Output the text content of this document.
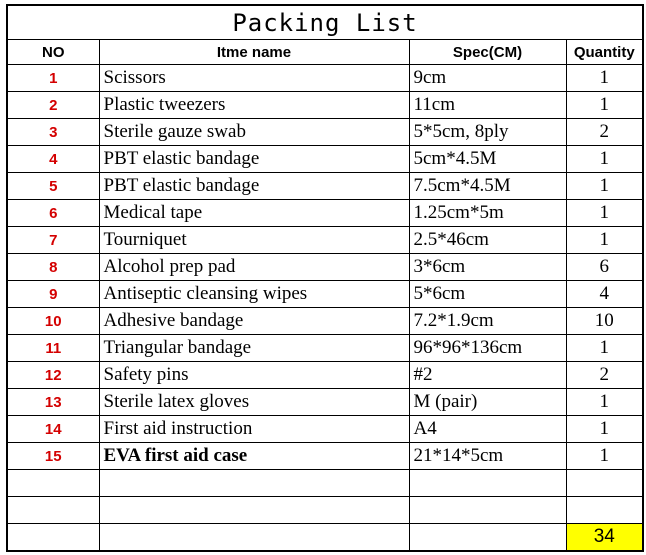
Packing List			
NO	Itme name	Spec(CM)	Quantity
1	Scissors	9cm	1
2	Plastic tweezers	11cm	1
3	Sterile gauze swab	5*5cm, 8ply	2
4	PBT elastic bandage	5cm*4.5M	1
5	PBT elastic bandage	7.5cm*4.5M	1
6	Medical tape	1.25cm*5m	1
7	Tourniquet	2.5*46cm	1
8	Alcohol prep pad	3*6cm	6
9	Antiseptic cleansing wipes	5*6cm	4
10	Adhesive bandage	7.2*1.9cm	10
11	Triangular bandage	96*96*136cm	1
12	Safety pins	#2	2
13	Sterile latex gloves	M (pair)	1
14	First aid instruction	A4	1
15	EVA first aid case	21*14*5cm	1

			34
